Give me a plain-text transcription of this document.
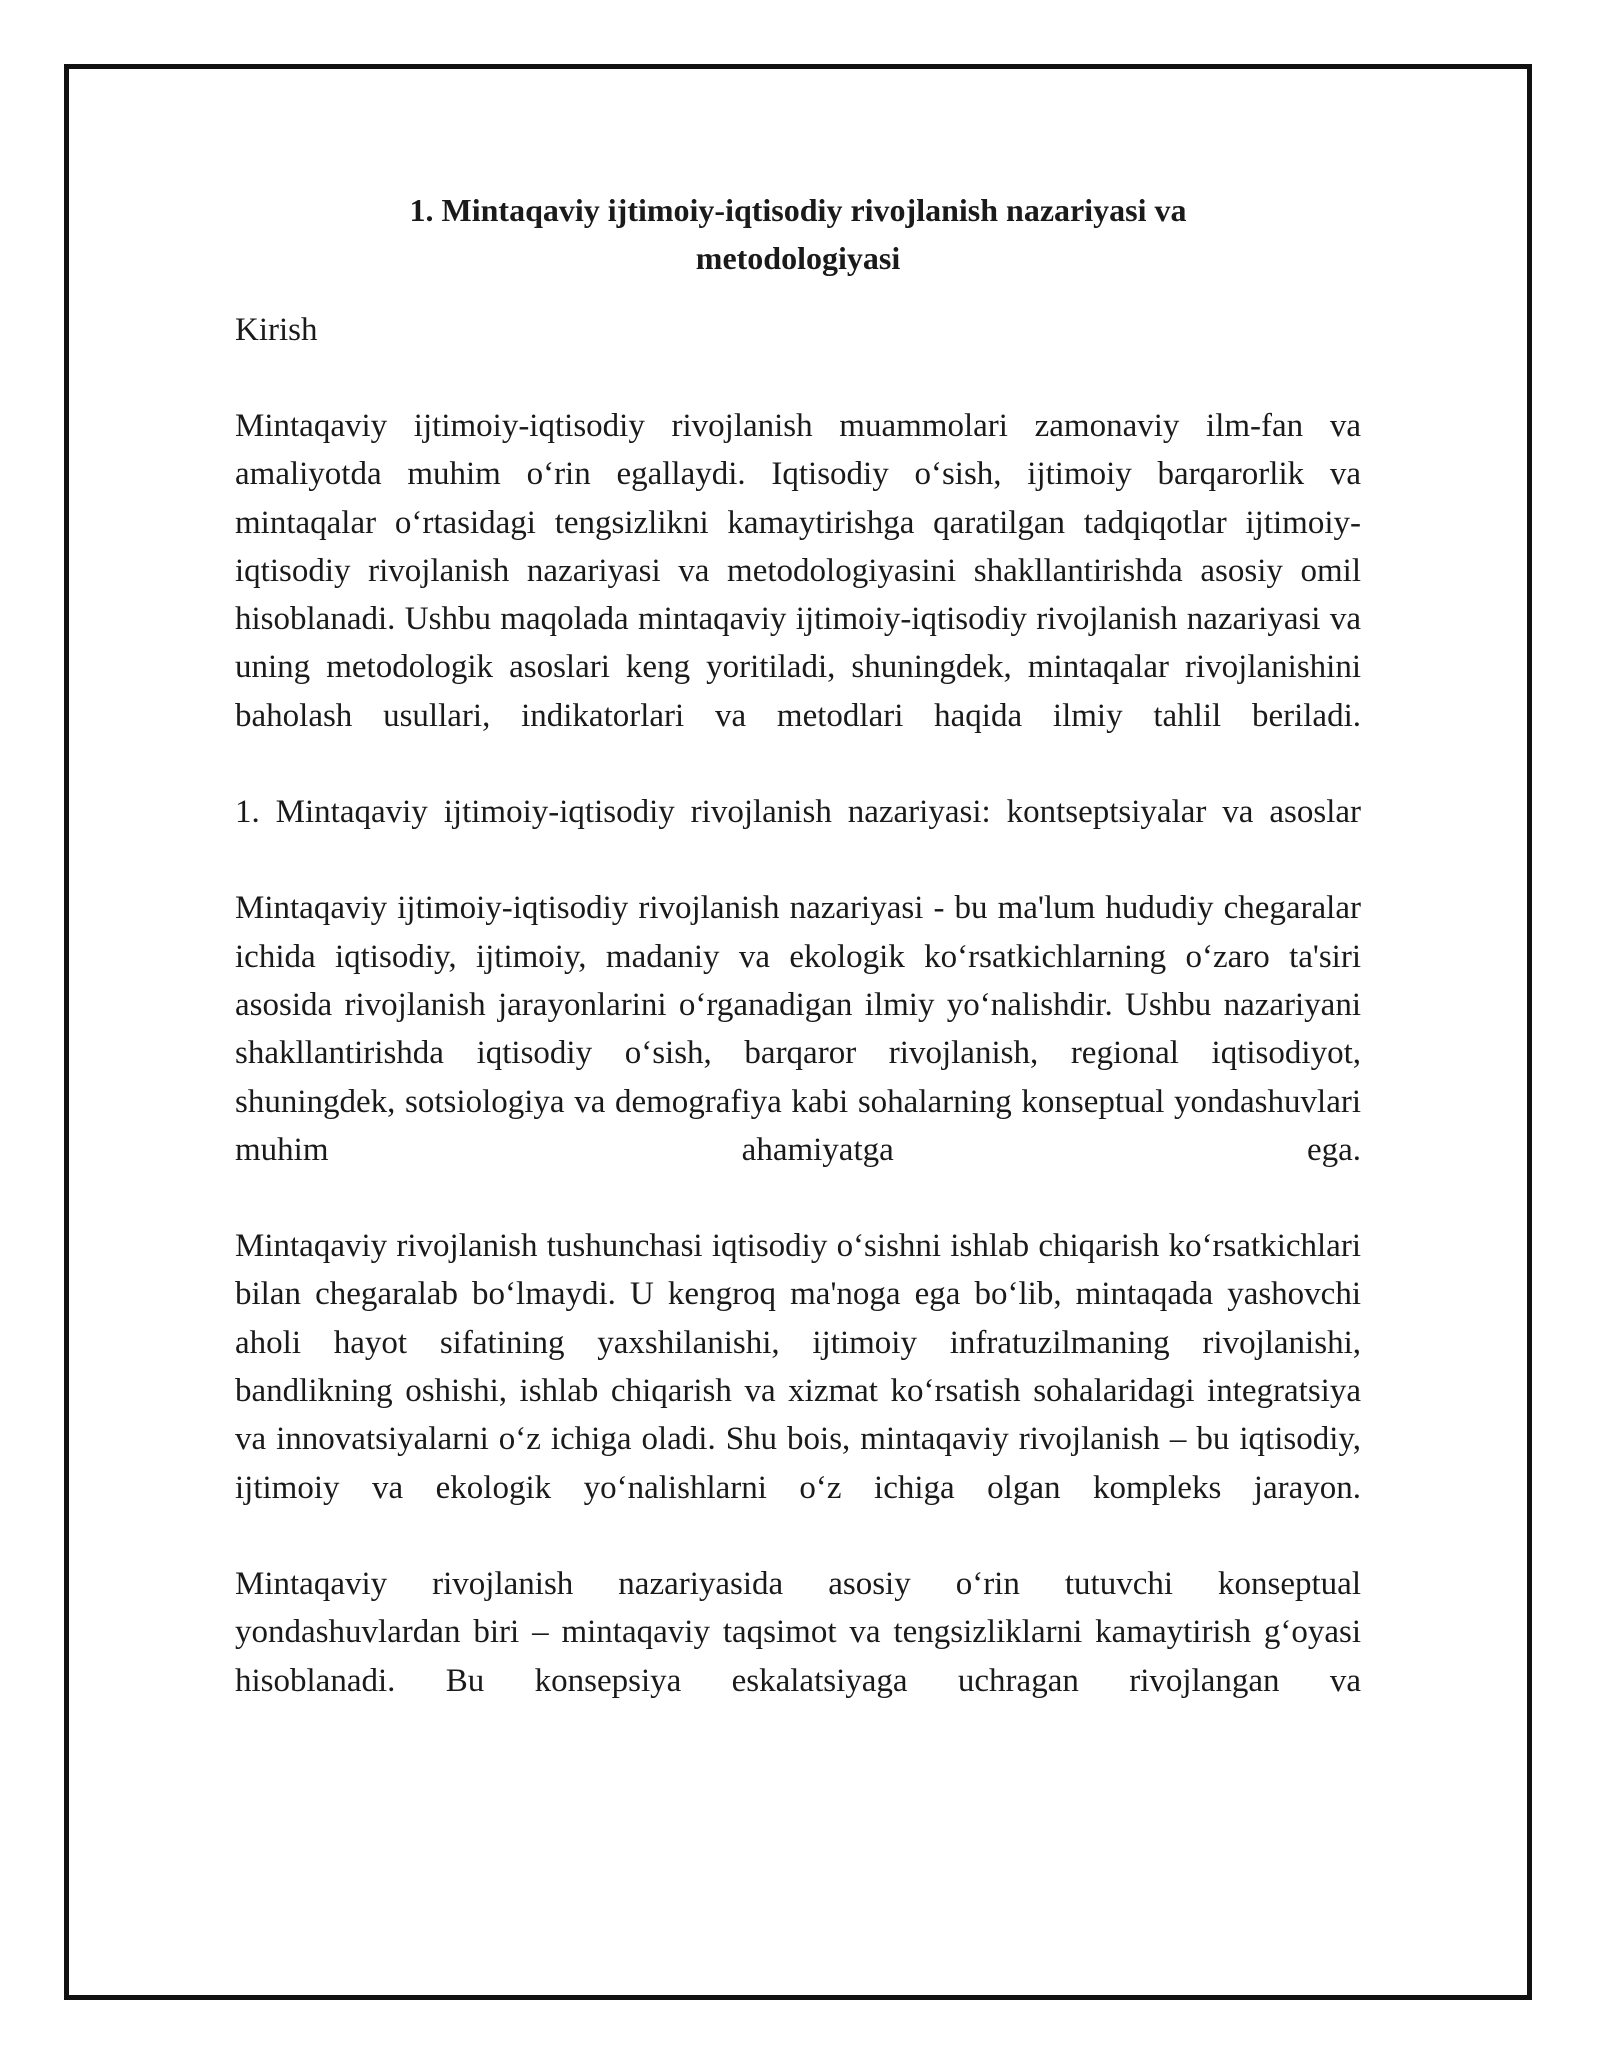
1. Mintaqaviy ijtimoiy-iqtisodiy rivojlanish nazariyasi va
metodologiyasi

Kirish

Mintaqaviy ijtimoiy-iqtisodiy rivojlanish muammolari zamonaviy ilm-fan va amaliyotda muhim o‘rin egallaydi. Iqtisodiy o‘sish, ijtimoiy barqarorlik va mintaqalar o‘rtasidagi tengsizlikni kamaytirishga qaratilgan tadqiqotlar ijtimoiy-iqtisodiy rivojlanish nazariyasi va metodologiyasini shakllantirishda asosiy omil hisoblanadi. Ushbu maqolada mintaqaviy ijtimoiy-iqtisodiy rivojlanish nazariyasi va uning metodologik asoslari keng yoritiladi, shuningdek, mintaqalar rivojlanishini baholash usullari, indikatorlari va metodlari haqida ilmiy tahlil beriladi.

1. Mintaqaviy ijtimoiy-iqtisodiy rivojlanish nazariyasi: kontseptsiyalar va asoslar

Mintaqaviy ijtimoiy-iqtisodiy rivojlanish nazariyasi - bu ma'lum hududiy chegaralar ichida iqtisodiy, ijtimoiy, madaniy va ekologik ko‘rsatkichlarning o‘zaro ta'siri asosida rivojlanish jarayonlarini o‘rganadigan ilmiy yo‘nalishdir. Ushbu nazariyani shakllantirishda iqtisodiy o‘sish, barqaror rivojlanish, regional iqtisodiyot, shuningdek, sotsiologiya va demografiya kabi sohalarning konseptual yondashuvlari muhim ahamiyatga ega.

Mintaqaviy rivojlanish tushunchasi iqtisodiy o‘sishni ishlab chiqarish ko‘rsatkichlari bilan chegaralab bo‘lmaydi. U kengroq ma'noga ega bo‘lib, mintaqada yashovchi aholi hayot sifatining yaxshilanishi, ijtimoiy infratuzilmaning rivojlanishi, bandlikning oshishi, ishlab chiqarish va xizmat ko‘rsatish sohalaridagi integratsiya va innovatsiyalarni o‘z ichiga oladi. Shu bois, mintaqaviy rivojlanish – bu iqtisodiy, ijtimoiy va ekologik yo‘nalishlarni o‘z ichiga olgan kompleks jarayon.

Mintaqaviy rivojlanish nazariyasida asosiy o‘rin tutuvchi konseptual yondashuvlardan biri – mintaqaviy taqsimot va tengsizliklarni kamaytirish g‘oyasi hisoblanadi. Bu konsepsiya eskalatsiyaga uchragan rivojlangan va
